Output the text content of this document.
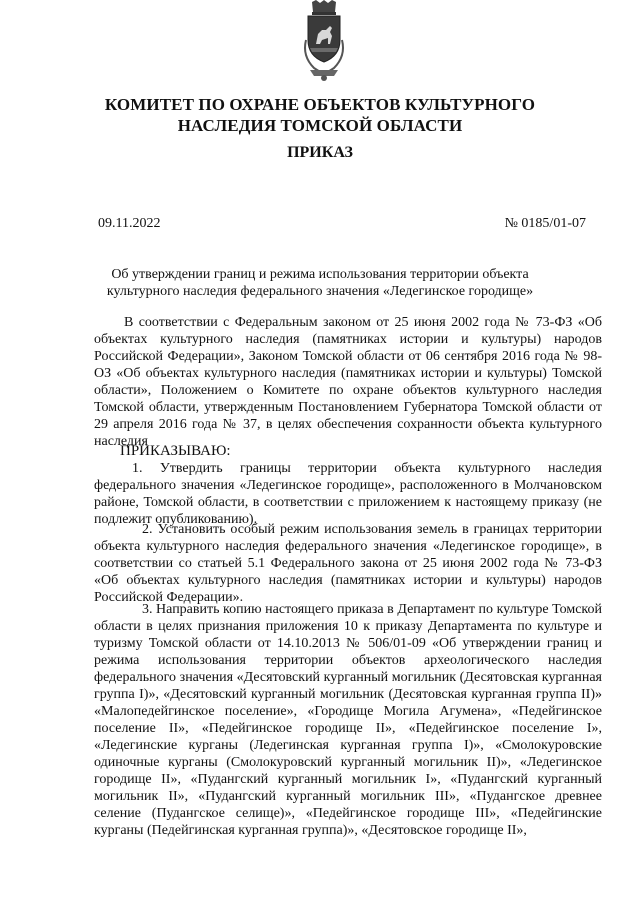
КОМИТЕТ ПО ОХРАНЕ ОБЪЕКТОВ КУЛЬТУРНОГО
НАСЛЕДИЯ ТОМСКОЙ ОБЛАСТИ
ПРИКАЗ
09.11.2022	№ 0185/01-07
Об утверждении границ и режима использования территории объекта
культурного наследия федерального значения «Ледегинское городище»
В соответствии с Федеральным законом от 25 июня 2002 года № 73-ФЗ «Об объектах культурного наследия (памятниках истории и культуры) народов Российской Федерации», Законом Томской области от 06 сентября 2016 года № 98-ОЗ «Об объектах культурного наследия (памятниках истории и культуры) Томской области», Положением о Комитете по охране объектов культурного наследия Томской области, утвержденным Постановлением Губернатора Томской области от 29 апреля 2016 года № 37, в целях обеспечения сохранности объекта культурного наследия
ПРИКАЗЫВАЮ:
1. Утвердить границы территории объекта культурного наследия федерального значения «Ледегинское городище», расположенного в Молчановском районе, Томской области, в соответствии с приложением к настоящему приказу (не подлежит опубликованию).
2. Установить особый режим использования земель в границах территории объекта культурного наследия федерального значения «Ледегинское городище», в соответствии со статьей 5.1 Федерального закона от 25 июня 2002 года № 73-ФЗ «Об объектах культурного наследия (памятниках истории и культуры) народов Российской Федерации».
3. Направить копию настоящего приказа в Департамент по культуре Томской области в целях признания приложения 10 к приказу Департамента по культуре и туризму Томской области от 14.10.2013 № 506/01-09 «Об утверждении границ и режима использования территории объектов археологического наследия федерального значения «Десятовский курганный могильник (Десятовская курганная группа I)», «Десятовский курганный могильник (Десятовская курганная группа II)» «Малопедейгинское поселение», «Городище Могила Агумена», «Педейгинское поселение II», «Педейгинское городище II», «Педейгинское поселение I», «Ледегинские курганы (Ледегинская курганная группа I)», «Смолокуровские одиночные курганы (Смолокуровский курганный могильник II)», «Ледегинское городище II», «Пудангский курганный могильник I», «Пудангский курганный могильник II», «Пудангский курганный могильник III», «Пудангское древнее селение (Пудангское селище)», «Педейгинское городище III», «Педейгинские курганы (Педейгинская курганная группа)», «Десятовское городище II»,
